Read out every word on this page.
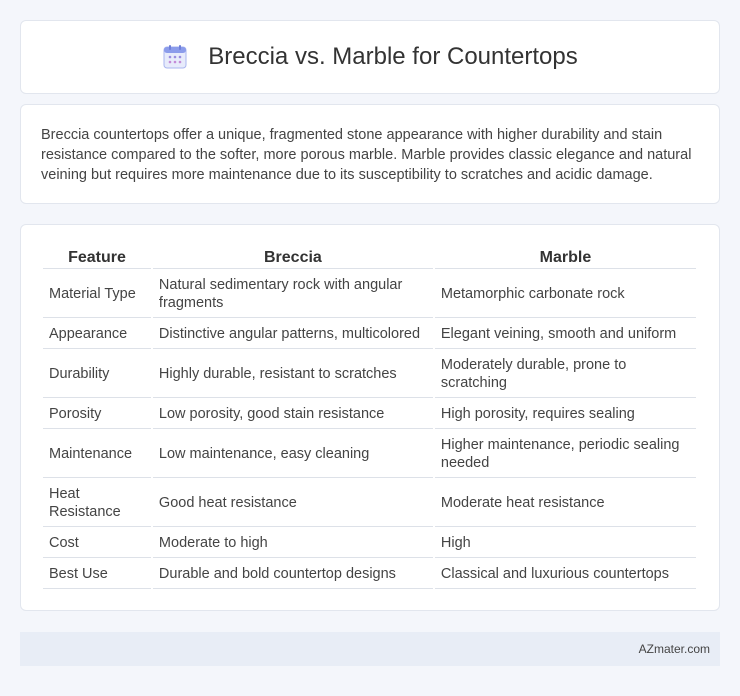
Breccia vs. Marble for Countertops

Breccia countertops offer a unique, fragmented stone appearance with higher durability and stain resistance compared to the softer, more porous marble. Marble provides classic elegance and natural veining but requires more maintenance due to its susceptibility to scratches and acidic damage.

Feature	Breccia	Marble
Material Type	Natural sedimentary rock with angular fragments	Metamorphic carbonate rock
Appearance	Distinctive angular patterns, multicolored	Elegant veining, smooth and uniform
Durability	Highly durable, resistant to scratches	Moderately durable, prone to scratching
Porosity	Low porosity, good stain resistance	High porosity, requires sealing
Maintenance	Low maintenance, easy cleaning	Higher maintenance, periodic sealing needed
Heat Resistance	Good heat resistance	Moderate heat resistance
Cost	Moderate to high	High
Best Use	Durable and bold countertop designs	Classical and luxurious countertops
AZmater.com
